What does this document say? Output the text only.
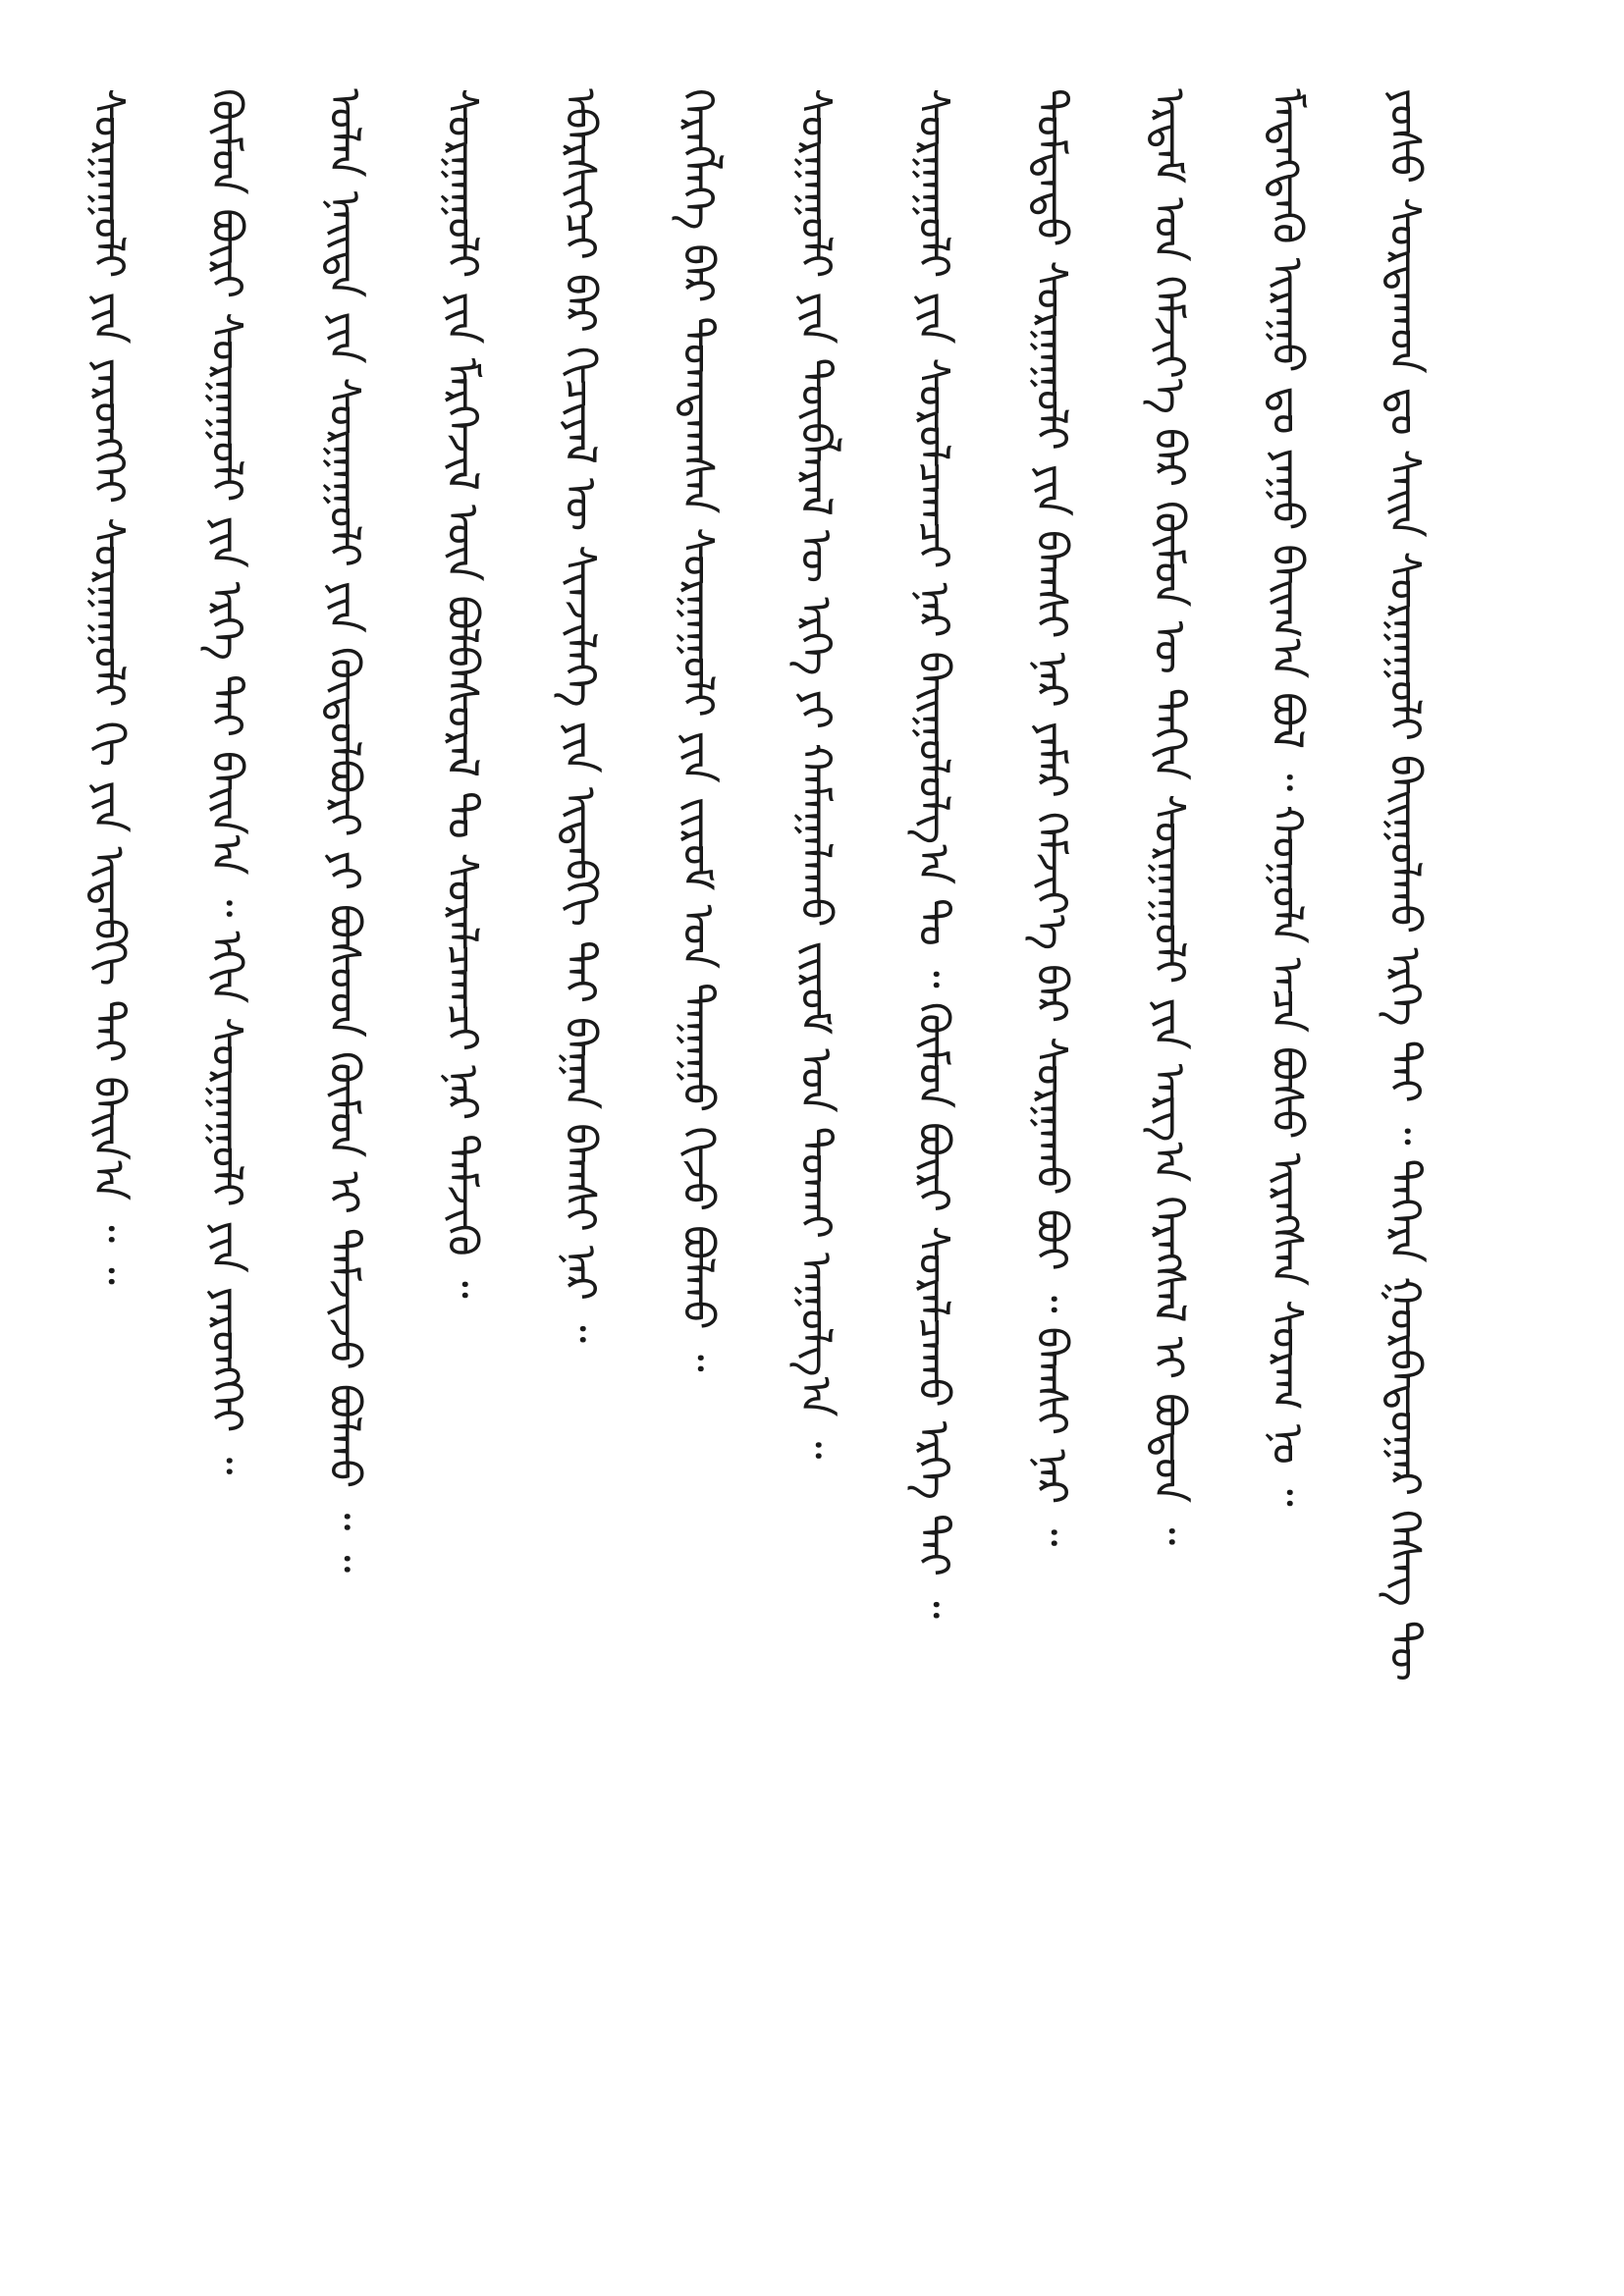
ᠶᠣᠰᠣ ᠰᠤᠷᠲᠠᠬᠤᠨ ᠳᠤ ᠰᠠᠢᠨ ᠰᠤᠷᠭᠠᠭᠤᠯᠢ ᠪᠠᠢᠭᠤᠯᠬᠤ ᠡᠷᠬᠡ ᠲᠠᠢ ᠃ ᠳᠡᠭᠡᠷᠡ ᠭᠤᠷᠪᠠᠳᠤᠭᠠᠷ ᠬᠡᠰᠡᠭ ᠲᠦ
ᠮᠡᠳᠡᠭᠳᠡᠬᠦ ᠢᠷᠠᠭᠤ ᠳᠤ ᠶᠠᠭᠤ ᠪᠠᠢᠭ᠎ᠠ ᠪᠣᠯ ᠃ ᠬᠣᠭᠣᠯᠠ ᠠᠴᠠ ᠪᠤᠰᠤ ᠢᠷᠡᠭᠰᠡᠨ ᠰᠤᠷᠠᠭ ᠨᠤ ᠃
ᠡᠷᠳᠡᠮ ᠤᠨ ᠬᠡᠮᠵᠢᠶ᠎ᠡ ᠪᠠᠷ ᠬᠦᠮᠦᠨ ᠦ ᠳᠠᠬᠢᠨ ᠰᠤᠷᠭᠠᠭᠤᠯᠢ ᠶᠢᠨ ᠠᠷᠭ᠎ᠠ ᠬᠡᠷᠡᠭᠰᠡᠯ ᠢ ᠪᠣᠳᠤᠨ ᠃
ᠳᠤᠮᠳᠠᠲᠤ ᠰᠤᠷᠭᠠᠭᠤᠯᠢ ᠶᠢᠨ ᠪᠠᠭᠰᠢ ᠨᠠᠷ ᠶᠠᠮᠠᠷ ᠬᠡᠮᠵᠢᠶ᠎ᠡ ᠪᠠᠷ ᠰᠤᠷᠭᠠᠬᠤ ᠪᠤᠢ ᠃ ᠪᠠᠭᠰᠢ ᠨᠠᠷ ᠃
ᠰᠤᠷᠭᠠᠭᠤᠯᠢ ᠶᠢᠨ ᠰᠤᠷᠤᠯᠴᠠᠭᠴᠢ ᠨᠠᠷ ᠪᠠᠢᠭᠤᠯᠤᠯᠭ᠎ᠠ ᠲᠤ ᠃ ᠬᠦᠮᠦᠨ ᠪᠦᠷᠢ ᠰᠤᠷᠠᠯᠴᠠᠬᠤ ᠡᠷᠬᠡ ᠲᠠᠢ ᠃
ᠰᠤᠷᠭᠠᠭᠤᠯᠢ ᠶᠢᠨ ᠲᠥᠪᠯᠡᠷᠡᠯ ᠦ ᠡᠷᠬᠡ ᠶᠢ ᠬᠠᠮᠠᠭᠠᠯᠠᠬᠤ ᠵᠢᠷᠤᠮ ᠤᠨ ᠲᠤᠬᠠᠢ ᠠᠭᠤᠯᠭ᠎ᠠ ᠃
ᠬᠡᠷᠡᠭᠯᠡᠭᠡ ᠪᠠᠷ ᠲᠣᠭᠲᠠᠭᠰᠠᠨ ᠰᠤᠷᠭᠠᠭᠤᠯᠢ ᠶᠢᠨ ᠵᠢᠷᠤᠮ ᠤᠨ ᠳᠠᠭᠠᠭᠤ ᠬᠢᠵᠦ ᠪᠣᠯᠬᠤ ᠃
ᠡᠪᠡᠷᠰᠢᠭᠴᠢ ᠪᠠᠷ ᠬᠢᠴᠢᠶᠡᠯ ᠦ ᠰᠢᠨᠵᠢᠯᠡᠭᠡ ᠶᠢᠨ ᠢᠳᠡᠪᠬᠢ ᠲᠠᠢ ᠪᠠᠭᠠᠨ ᠪᠠᠭᠰᠢ ᠨᠠᠷ ᠃
ᠰᠤᠷᠭᠠᠭᠤᠯᠢ ᠶᠢᠨ ᠮᠡᠷᠭᠡᠵᠢᠯ ᠦᠨ ᠪᠣᠯᠪᠠᠰᠤᠷᠠᠯ ᠲᠤ ᠰᠤᠷᠠᠯᠴᠠᠭᠴᠢ ᠨᠠᠷ ᠳᠡᠮᠵᠢᠬᠦ ᠃
ᠣᠯᠠᠨ ᠨᠡᠢᠲᠡ ᠶᠢᠨ ᠰᠤᠷᠭᠠᠭᠤᠯᠢ ᠶᠢᠨ ᠬᠥᠲᠦᠯᠪᠦᠷᠢ ᠶᠢ ᠪᠤᠰᠤᠳ ᠬᠦᠮᠦᠨ ᠢ ᠳᠡᠮᠵᠢᠵᠦ ᠪᠣᠯᠬᠤ ᠃ ᠃
ᠬᠦᠮᠦᠨ ᠪᠦᠷᠢ ᠰᠤᠷᠭᠠᠭᠤᠯᠢ ᠶᠢᠨ ᠡᠷᠬᠡ ᠲᠠᠢ ᠪᠠᠢᠨ᠎ᠠ ᠃ ᠡᠬᠢᠨ ᠰᠤᠷᠭᠠᠭᠤᠯᠢ ᠶᠢᠨ ᠶᠡᠷᠦᠩᠬᠡᠢ ᠃
ᠰᠤᠷᠭᠠᠭᠤᠯᠢ ᠶᠢᠨ ᠶᠡᠷᠦᠩᠬᠡᠢ ᠰᠤᠷᠭᠠᠭᠤᠯᠢ ᠬᠢ ᠶᠢᠨ ᠢᠳᠡᠪᠬᠢ ᠲᠠᠢ ᠪᠠᠢᠨ᠎ᠠ ᠃ ᠃
